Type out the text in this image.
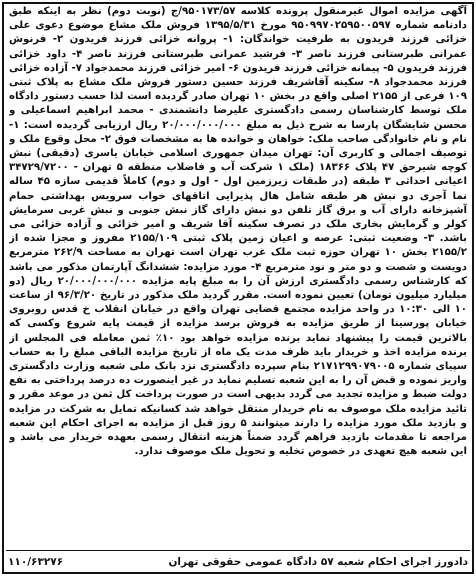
آگهی مزایده اموال غیرمنقول پرونده کلاسه ۹۵۰۱۷۳/۵۷/ج (نوبت دوم) نظر به اینکه طبق دادنامه شماره ۹۵۰۹۹۷۰۲۵۹۵۰۰۵۹۷ مورخ ۱۳۹۵/۵/۳۱ فروش ملک مشاع موضوع دعوی علی خزائی فرزند فریدون به طرفیت خواندگان: ۱- پروانه خزائی فرزند فریدون ۲- فرنوش عمرانی طبرستانی فرزند ناصر ۳- فرشید عمرانی طبرستانی فرزند ناصر ۴- داود خزائی فرزند فریدون ۵- پیمانه خزائی فرزند فریدون ۶- امیر خزائی فرزند محمدجواد ۷- آزاده خزائی فرزند محمدجواد ۸- سکینه آقاشریف فرزند حسین دستور فروش ملک مشاع به پلاک ثبتی ۱۰۹ فرعی از ۲۱۵۵ اصلی واقع در بخش ۱۰ تهران صادر گردیده است لذا حسب دستور دادگاه ملک توسط کارشناسان رسمی دادگستری علیرضا دانشمندی - محمد ابراهیم اسماعیلی و محسن شایشگان پارسا به شرح ذیل به مبلغ ۲۰/۰۰۰/۰۰۰/۰۰۰ ریال ارزیابی گردیده است: ۱- نام و نام خانوادگی صاحب ملک: خواهان و خوانده ها به مشخصات فوق ۲- محل وقوع ملک و توصیف اجمالی و کاربری آن: تهران میدان جمهوری اسلامی خیابان یاسری (دقیقی) نبش کوچه شیرحق ۴۷ پلاک ۱۸۳۶۶ (ملک ۱ شرکت آب و فاضلاب منطقه ۵ تهران - ۳۴۷۲۹/۷۲۰۰ اعیانی احداثی ۳ طبقه (در طبقات زیرزمین اول - اول و دوم) کاملاً قدیمی سازه ۴۵ ساله نما آجری دو نبش هر طبقه شامل هال پذیرایی اتاقهای خواب سرویس بهداشتی حمام آشپزخانه دارای آب و برق گاز تلفن دو نبش دارای گاز نبش جنوبی و نبش غربی سرمایش کولر و گرمایش بخاری ملک در تصرف سکینه آقا شریف و امیر خزائی و آزاده خزائی می باشد. ۳- وضعیت ثبتی: عرصه و اعیان زمین پلاک ثبتی ۲۱۵۵/۱۰۹ مفروز و مجزا شده از ۲۱۵۵/۲ بخش ۱۰ تهران حوزه ثبت ملک غرب تهران است تهران به مساحت ۲۶۲/۹ مترمربع دویست و شصت و دو متر و نود مترمربع ۴- مورد مزایده: ششدانگ آپارتمان مذکور می باشد که کارشناس رسمی دادگستری ارزش آن را به مبلغ پایه مزایده ۲۰/۰۰۰/۰۰۰/۰۰۰ ریال (دو میلیارد میلیون تومان) تعیین نموده است. مقرر گردید ملک مذکور در تاریخ ۹۶/۳/۲۰ از ساعت ۱۰ الی ۱۰:۳۰ در واحد مزایده مجتمع قضایی تهران واقع در خیابان انقلاب خ قدس روبروی خیابان پورسینا از طریق مزایده به فروش برسد مزایده از قیمت پایه شروع وکسی که بالاترین قیمت را پیشنهاد نماید برنده مزایده خواهد بود ۱۰٪ ثمن معامله فی المجلس از برنده مزایده اخذ و خریدار باید ظرف مدت یک ماه از تاریخ مزایده الباقی مبلغ را به حساب سپیای شماره ۲۱۷۱۲۹۹۰۷۹۰۰۵ بنام سپرده دادگستری نزد بانک ملی شعبه وزارت دادگستری واریز نموده و قبض آن را به این شعبه تسلیم نماید در غیر اینصورت ده درصد پرداختی به نفع دولت ضبط و مزایده تجدید می گردد بدیهی است در صورت پرداخت کل ثمن در موعد مقرر و تائید مزایده ملک موصوف به نام خریدار منتقل خواهد شد کسانیکه تمایل به شرکت در مزایده و بازدید ملک مورد مزایده را دارند میتوانند ۵ روز قبل از مزایده به اجرای احکام این شعبه مراجعه تا مقدمات بازدید فراهم گردد ضمناً هزینه انتقال رسمی بعهده خریدار می باشد و این شعبه هیچ تعهدی در خصوص تخلیه و تحویل ملک موصوف ندارد.

دادورز اجرای احکام شعبه ۵۷ دادگاه عمومی حقوقی تهران
۱۱۰/۶۳۲۷۶
